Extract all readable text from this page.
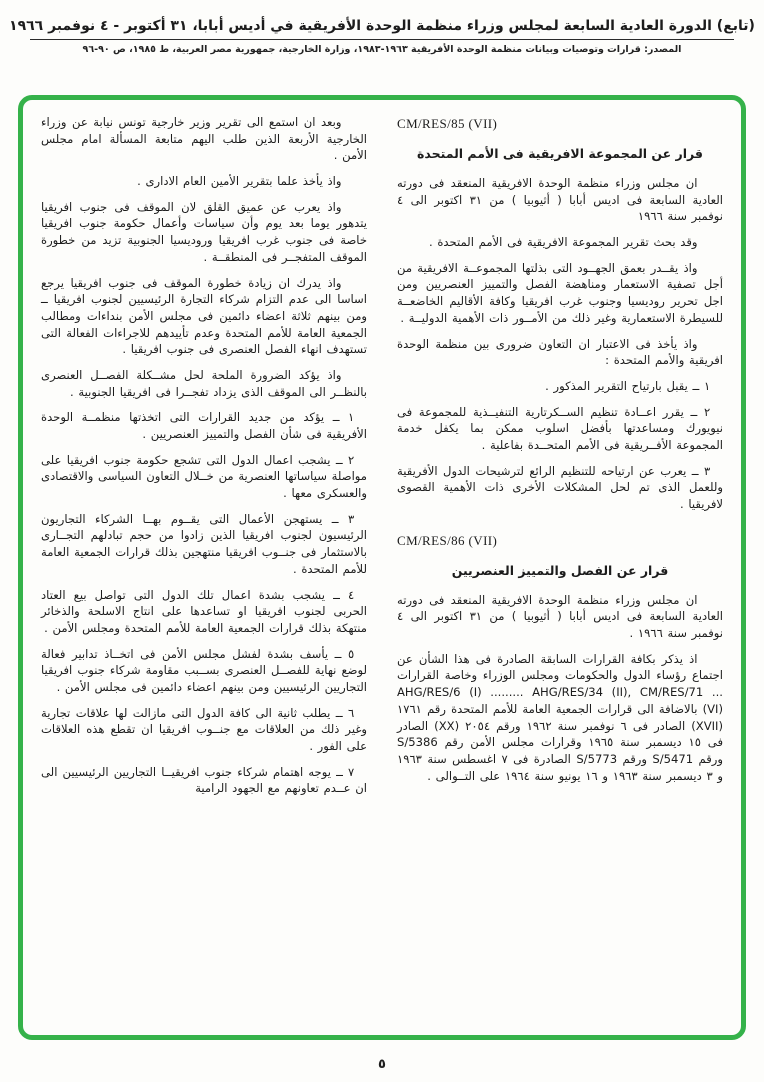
(تابع) الدورة العادية السابعة لمجلس وزراء منظمة الوحدة الأفريقية في أديس أبابا، ٣١ أكتوبر - ٤ نوفمبر ١٩٦٦
المصدر: قرارات وتوصيات وبيانات منظمة الوحدة الأفريقية ١٩٦٣-١٩٨٣، وزارة الخارجية، جمهورية مصر العربية، ط ١٩٨٥، ص ٩٠-٩٦
CM/RES/85 (VII)
قرار عن المجموعة الافريقية فى الأمم المتحدة

ان مجلس وزراء منظمة الوحدة الافريقية المنعقد فى دورته العادية السابعة فى اديس أبابا ( أثيوبيا ) من ٣١ اكتوبر الى ٤ نوفمبر سنة ١٩٦٦

وقد بحث تقرير المجموعة الافريقية فى الأمم المتحدة .

واذ يقــدر بعمق الجهــود التى بذلتها المجموعــة الافريقية من أجل تصفية الاستعمار ومناهضة الفصل والتمييز العنصريين ومن اجل تحرير روديسيا وجنوب غرب افريقيا وكافة الأقاليم الخاضعــة للسيطرة الاستعمارية وغير ذلك من الأمــور ذات الأهمية الدوليــة .

واذ يأخذ فى الاعتبار ان التعاون ضرورى بين منظمة الوحدة افريقية والأمم المتحدة :

١ ــ يقبل بارتياح التقرير المذكور .

٢ ــ يقرر اعــادة تنظيم الســكرتارية التنفيــذية للمجموعة فى نيويورك ومساعدتها بأفضل اسلوب ممكن بما يكفل خدمة المجموعة الأفــريقية فى الأمم المتحــدة بفاعلية .

٣ ــ يعرب عن ارتياحه للتنظيم الرائع لترشيحات الدول الأفريقية وللعمل الذى تم لحل المشكلات الأخرى ذات الأهمية القصوى لافريقيا .

CM/RES/86 (VII)
قرار عن الفصل والتمييز العنصريين

ان مجلس وزراء منظمة الوحدة الافريقية المنعقد فى دورته العادية السابعة فى اديس أبابا ( أثيوبيا ) من ٣١ اكتوبر الى ٤ نوفمبر سنة ١٩٦٦ .

اذ يذكر بكافة القرارات السابقة الصادرة فى هذا الشأن عن اجتماع رؤساء الدول والحكومات ومجلس الوزراء وخاصة القرارات ... AHG/RES/6 (I) ......... AHG/RES/34 (II), CM/RES/71 (VI) بالاضافة الى قرارات الجمعية العامة للأمم المتحدة رقم ١٧٦١ (XVII) الصادر فى ٦ نوفمبر سنة ١٩٦٢ ورقم ٢٠٥٤ (XX) الصادر فى ١٥ ديسمبر سنة ١٩٦٥ وقرارات مجلس الأمن رقم S/5386 ورقم S/5471 ورقم S/5773 الصادرة فى ٧ اغسطس سنة ١٩٦٣ و ٣ ديسمبر سنة ١٩٦٣ و ١٦ يونيو سنة ١٩٦٤ على التــوالى .

وبعد ان استمع الى تقرير وزير خارجية تونس نيابة عن وزراء الخارجية الأربعة الذين طلب اليهم متابعة المسألة امام مجلس الأمن .

واذ يأخذ علما بتقرير الأمين العام الادارى .

واذ يعرب عن عميق القلق لان الموقف فى جنوب افريقيا يتدهور يوما بعد يوم وأن سياسات وأعمال حكومة جنوب افريقيا خاصة فى جنوب غرب افريقيا وروديسيا الجنوبية تزيد من خطورة الموقف المتفجــر فى المنطقــة .

واذ يدرك ان زيادة خطورة الموقف فى جنوب افريقيا يرجع اساسا الى عدم التزام شركاء التجارة الرئيسيين لجنوب افريقيا ــ ومن بينهم ثلاثة اعضاء دائمين فى مجلس الأمن بنداءات ومطالب الجمعية العامة للأمم المتحدة وعدم تأييدهم للاجراءات الفعالة التى تستهدف انهاء الفصل العنصرى فى جنوب افريقيا .

واذ يؤكد الضرورة الملحة لحل مشــكلة الفصــل العنصرى بالنظــر الى الموقف الذى يزداد تفجــرا فى افريقيا الجنوبية .

١ ــ يؤكد من جديد القرارات التى اتخذتها منظمــة الوحدة الأفريقية فى شأن الفصل والتمييز العنصريين .

٢ ــ يشجب اعمال الدول التى تشجع حكومة جنوب افريقيا على مواصلة سياساتها العنصرية من خــلال التعاون السياسى والاقتصادى والعسكرى معها .

٣ ــ يستهجن الأعمال التى يقــوم بهــا الشركاء التجاريون الرئيسيون لجنوب افريقيا الذين زادوا من حجم تبادلهم التجــارى بالاستثمار فى جنــوب افريقيا منتهجين بذلك قرارات الجمعية العامة للأمم المتحدة .

٤ ــ يشجب بشدة اعمال تلك الدول التى تواصل بيع العتاد الحربى لجنوب افريقيا او تساعدها على انتاج الاسلحة والذخائر منتهكة بذلك قرارات الجمعية العامة للأمم المتحدة ومجلس الأمن .

٥ ــ يأسف بشدة لفشل مجلس الأمن فى اتخــاذ تدابير فعالة لوضع نهاية للفصــل العنصرى بســبب مقاومة شركاء جنوب افريقيا التجاريين الرئيسيين ومن بينهم اعضاء دائمين فى مجلس الأمن .

٦ ــ يطلب ثانية الى كافة الدول التى مازالت لها علاقات تجارية وغير ذلك من العلاقات مع جنــوب افريقيا ان تقطع هذه العلاقات على الفور .

٧ ــ يوجه اهتمام شركاء جنوب افريقيــا التجاريين الرئيسيين الى ان عــدم تعاونهم مع الجهود الرامية

٥
